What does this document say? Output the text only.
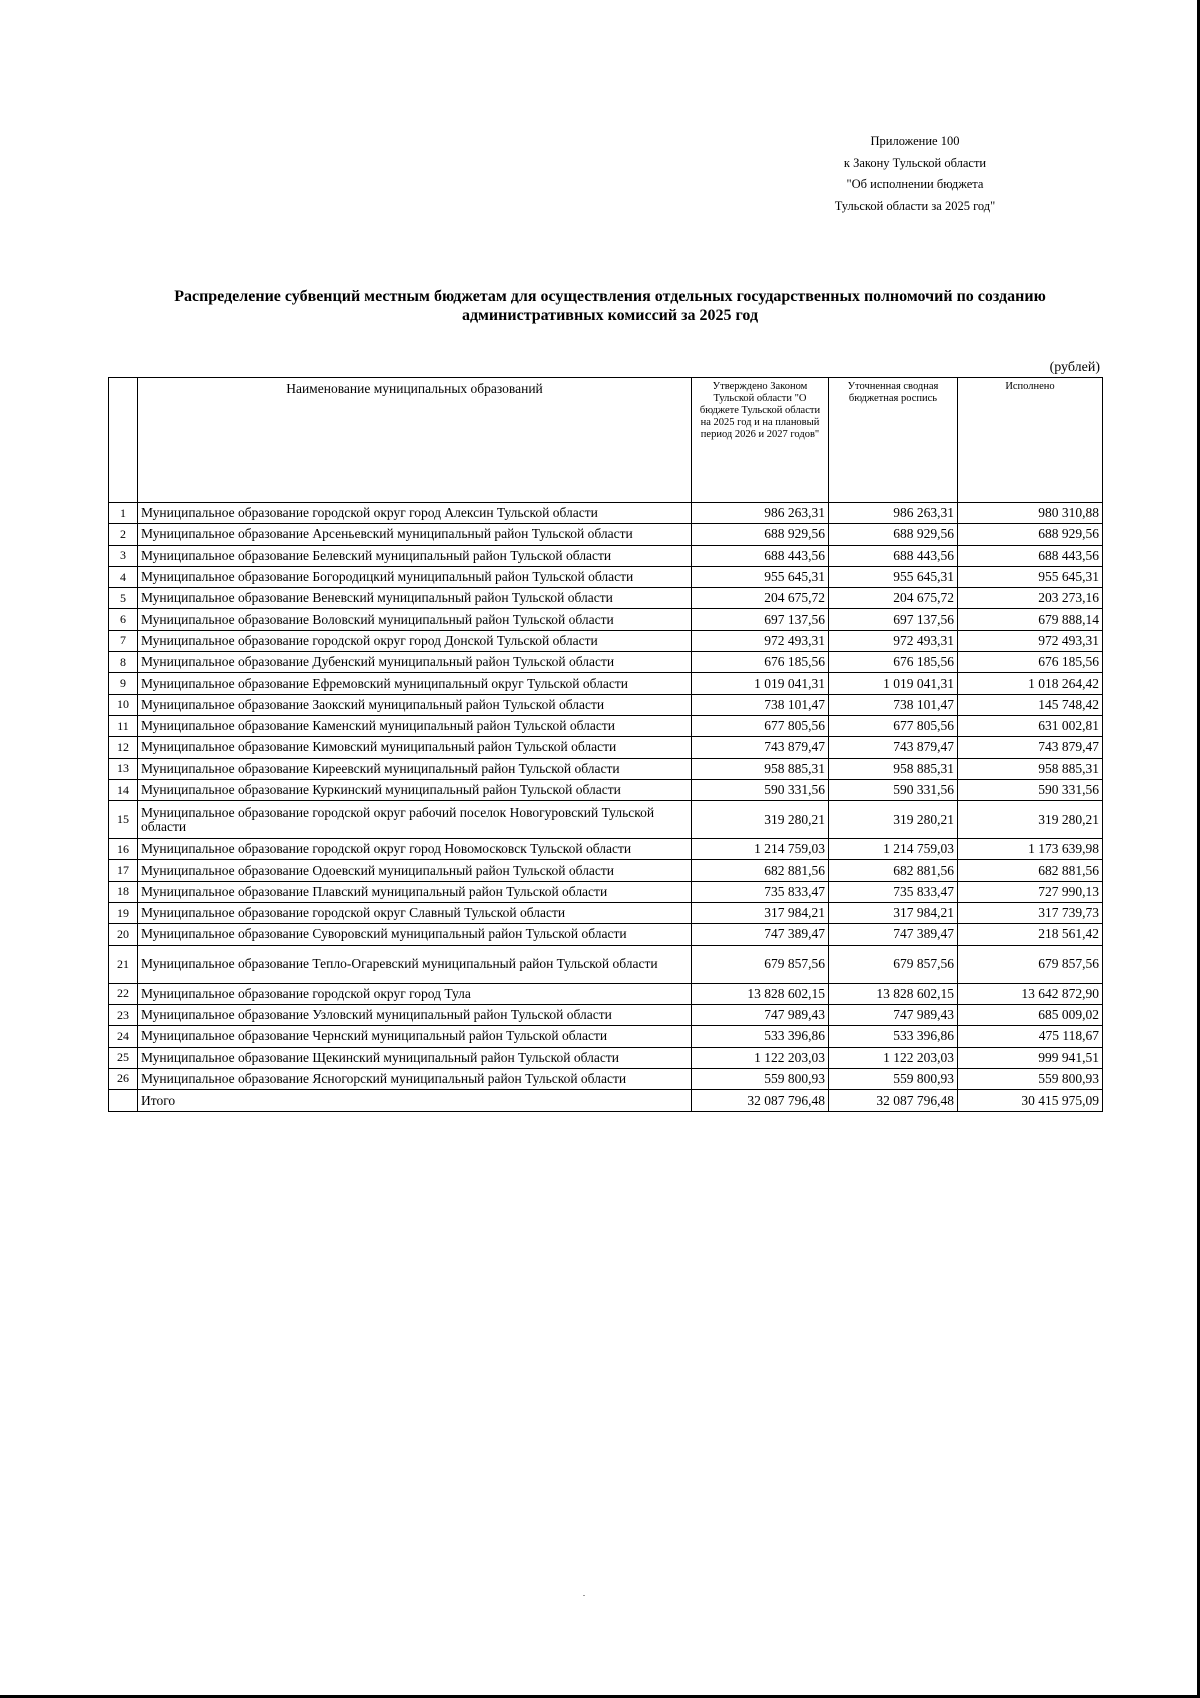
Приложение 100
к Закону Тульской области
"Об исполнении бюджета
Тульской области за 2025 год"
Распределение субвенций местным бюджетам для осуществления отдельных государственных полномочий по созданию административных комиссий за 2025 год
(рублей)
	Наименование муниципальных образований	Утверждено Законом Тульской области "О бюджете Тульской области на 2025 год и на плановый период 2026 и 2027 годов"	Уточненная сводная бюджетная роспись	Исполнено
1	Муниципальное образование городской округ город Алексин Тульской области	986 263,31	986 263,31	980 310,88
2	Муниципальное образование Арсеньевский муниципальный район Тульской области	688 929,56	688 929,56	688 929,56
3	Муниципальное образование Белевский муниципальный район Тульской области	688 443,56	688 443,56	688 443,56
4	Муниципальное образование Богородицкий муниципальный район Тульской области	955 645,31	955 645,31	955 645,31
5	Муниципальное образование Веневский муниципальный район Тульской области	204 675,72	204 675,72	203 273,16
6	Муниципальное образование Воловский муниципальный район Тульской области	697 137,56	697 137,56	679 888,14
7	Муниципальное образование городской округ город Донской Тульской области	972 493,31	972 493,31	972 493,31
8	Муниципальное образование Дубенский муниципальный район Тульской области	676 185,56	676 185,56	676 185,56
9	Муниципальное образование Ефремовский муниципальный округ Тульской области	1 019 041,31	1 019 041,31	1 018 264,42
10	Муниципальное образование Заокский муниципальный район Тульской области	738 101,47	738 101,47	145 748,42
11	Муниципальное образование Каменский муниципальный район Тульской области	677 805,56	677 805,56	631 002,81
12	Муниципальное образование Кимовский муниципальный район Тульской области	743 879,47	743 879,47	743 879,47
13	Муниципальное образование Киреевский муниципальный район Тульской области	958 885,31	958 885,31	958 885,31
14	Муниципальное образование Куркинский муниципальный район Тульской области	590 331,56	590 331,56	590 331,56
15	Муниципальное образование городской округ рабочий поселок Новогуровский Тульской области	319 280,21	319 280,21	319 280,21
16	Муниципальное образование городской округ город Новомосковск Тульской области	1 214 759,03	1 214 759,03	1 173 639,98
17	Муниципальное образование Одоевский муниципальный район Тульской области	682 881,56	682 881,56	682 881,56
18	Муниципальное образование Плавский муниципальный район Тульской области	735 833,47	735 833,47	727 990,13
19	Муниципальное образование городской округ Славный Тульской области	317 984,21	317 984,21	317 739,73
20	Муниципальное образование Суворовский муниципальный район Тульской области	747 389,47	747 389,47	218 561,42
21	Муниципальное образование Тепло-Огаревский муниципальный район Тульской области	679 857,56	679 857,56	679 857,56
22	Муниципальное образование городской округ город Тула	13 828 602,15	13 828 602,15	13 642 872,90
23	Муниципальное образование Узловский муниципальный район Тульской области	747 989,43	747 989,43	685 009,02
24	Муниципальное образование Чернский муниципальный район Тульской области	533 396,86	533 396,86	475 118,67
25	Муниципальное образование Щекинский муниципальный район Тульской области	1 122 203,03	1 122 203,03	999 941,51
26	Муниципальное образование Ясногорский муниципальный район Тульской области	559 800,93	559 800,93	559 800,93
	Итого	32 087 796,48	32 087 796,48	30 415 975,09
